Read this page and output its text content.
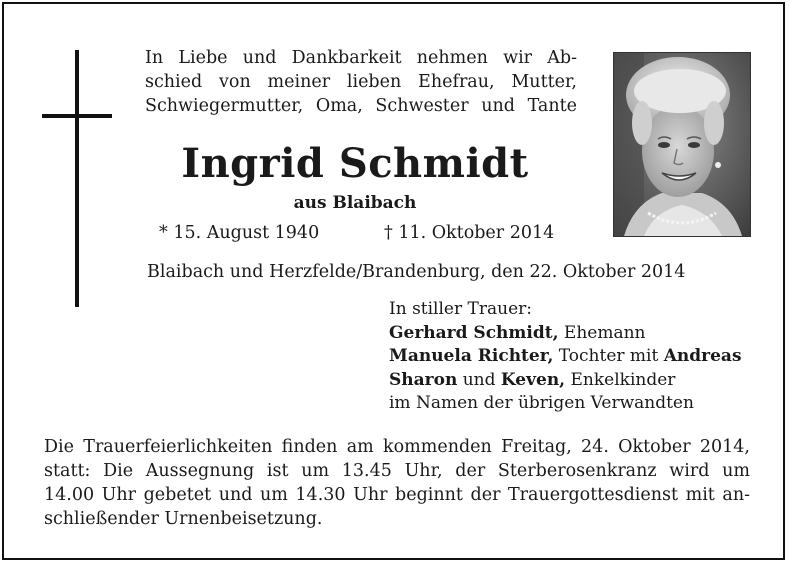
In Liebe und Dankbarkeit nehmen wir Ab-
schied von meiner lieben Ehefrau, Mutter,
Schwiegermutter, Oma, Schwester und Tante
Ingrid Schmidt
aus Blaibach
* 15. August 1940	† 11. Oktober 2014
Blaibach und Herzfelde/Brandenburg, den 22. Oktober 2014
In stiller Trauer:
Gerhard Schmidt, Ehemann
Manuela Richter, Tochter mit Andreas
Sharon und Keven, Enkelkinder
im Namen der übrigen Verwandten
Die Trauerfeierlichkeiten finden am kommenden Freitag, 24. Oktober 2014,
statt: Die Aussegnung ist um 13.45 Uhr, der Sterberosenkranz wird um
14.00 Uhr gebetet und um 14.30 Uhr beginnt der Trauergottesdienst mit an-
schließender Urnenbeisetzung.
